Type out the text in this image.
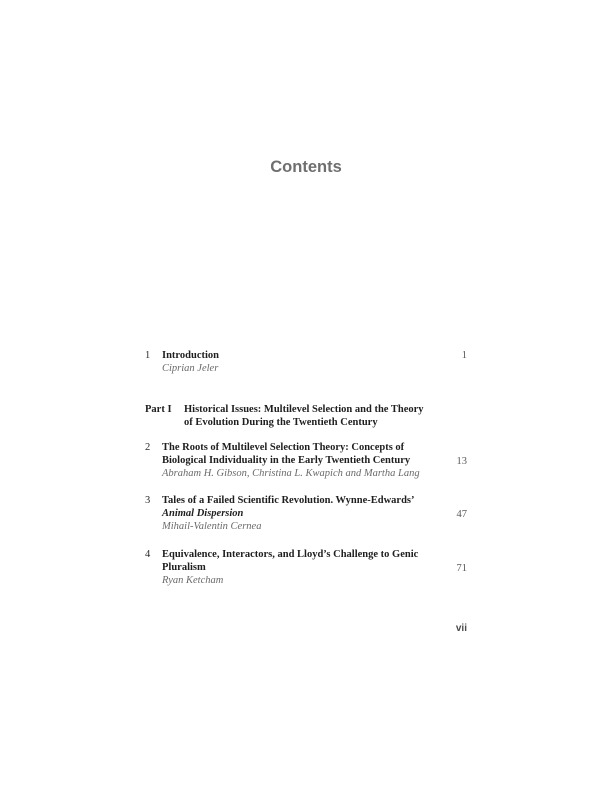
Contents
1 Introduction
Ciprian Jeler
1
Part I Historical Issues: Multilevel Selection and the Theory
of Evolution During the Twentieth Century
2 The Roots of Multilevel Selection Theory: Concepts of
Biological Individuality in the Early Twentieth Century
Abraham H. Gibson, Christina L. Kwapich and Martha Lang
13
3 Tales of a Failed Scientific Revolution. Wynne-Edwards’
Animal Dispersion
Mihail-Valentin Cernea
47
4 Equivalence, Interactors, and Lloyd’s Challenge to Genic
Pluralism
Ryan Ketcham
71
vii
